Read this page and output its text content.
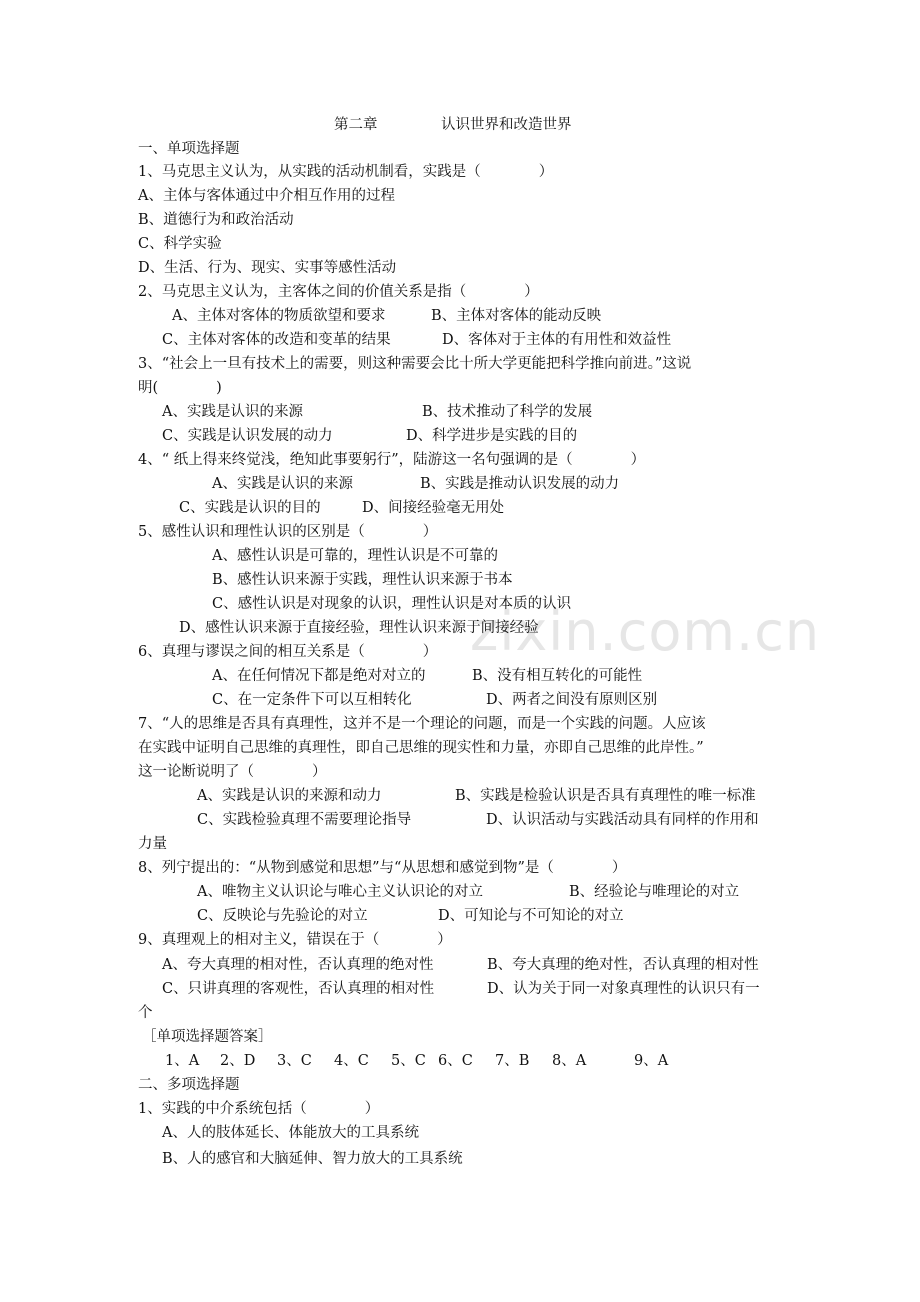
zixin.com.cn
第二章	认识世界和改造世界
一、单项选择题
1、马克思主义认为，从实践的活动机制看，实践是（　　　　）
A、主体与客体通过中介相互作用的过程
B、道德行为和政治活动
C、科学实验
D、生活、行为、现实、实事等感性活动
2、马克思主义认为，主客体之间的价值关系是指（　　　　）
A、主体对客体的物质欲望和要求	B、主体对客体的能动反映
C、主体对客体的改造和变革的结果	D、客体对于主体的有用性和效益性
3、“社会上一旦有技术上的需要，则这种需要会比十所大学更能把科学推向前进。”这说
明(　　　　)
A、实践是认识的来源	B、技术推动了科学的发展
C、实践是认识发展的动力	D、科学进步是实践的目的
4、“ 纸上得来终觉浅，绝知此事要躬行”，陆游这一名句强调的是（　　　　）
A、实践是认识的来源	B、实践是推动认识发展的动力
C、实践是认识的目的	D、间接经验毫无用处
5、感性认识和理性认识的区别是（　　　　）
A、感性认识是可靠的，理性认识是不可靠的
B、感性认识来源于实践，理性认识来源于书本
C、感性认识是对现象的认识，理性认识是对本质的认识
D、感性认识来源于直接经验，理性认识来源于间接经验
6、真理与谬误之间的相互关系是（　　　　）
A、在任何情况下都是绝对对立的	B、没有相互转化的可能性
C、在一定条件下可以互相转化	D、两者之间没有原则区别
7、“人的思维是否具有真理性，这并不是一个理论的问题，而是一个实践的问题。人应该
在实践中证明自己思维的真理性，即自己思维的现实性和力量，亦即自己思维的此岸性。”
这一论断说明了（　　　　）
A、实践是认识的来源和动力	B、实践是检验认识是否具有真理性的唯一标准
C、实践检验真理不需要理论指导	D、认识活动与实践活动具有同样的作用和
力量
8、列宁提出的：“从物到感觉和思想”与“从思想和感觉到物”是（　　　　）
A、唯物主义认识论与唯心主义认识论的对立	B、经验论与唯理论的对立
C、反映论与先验论的对立	D、可知论与不可知论的对立
9、真理观上的相对主义，错误在于（　　　　）
A、夸大真理的相对性，否认真理的绝对性	B、夸大真理的绝对性，否认真理的相对性
C、只讲真理的客观性，否认真理的相对性	D、认为关于同一对象真理性的认识只有一
个
［单项选择题答案］
1、A 2、D 3、C 4、C 5、C 6、C 7、B 8、A	9、A
二、多项选择题
1、实践的中介系统包括（　　　　）
A、人的肢体延长、体能放大的工具系统
B、人的感官和大脑延伸、智力放大的工具系统
